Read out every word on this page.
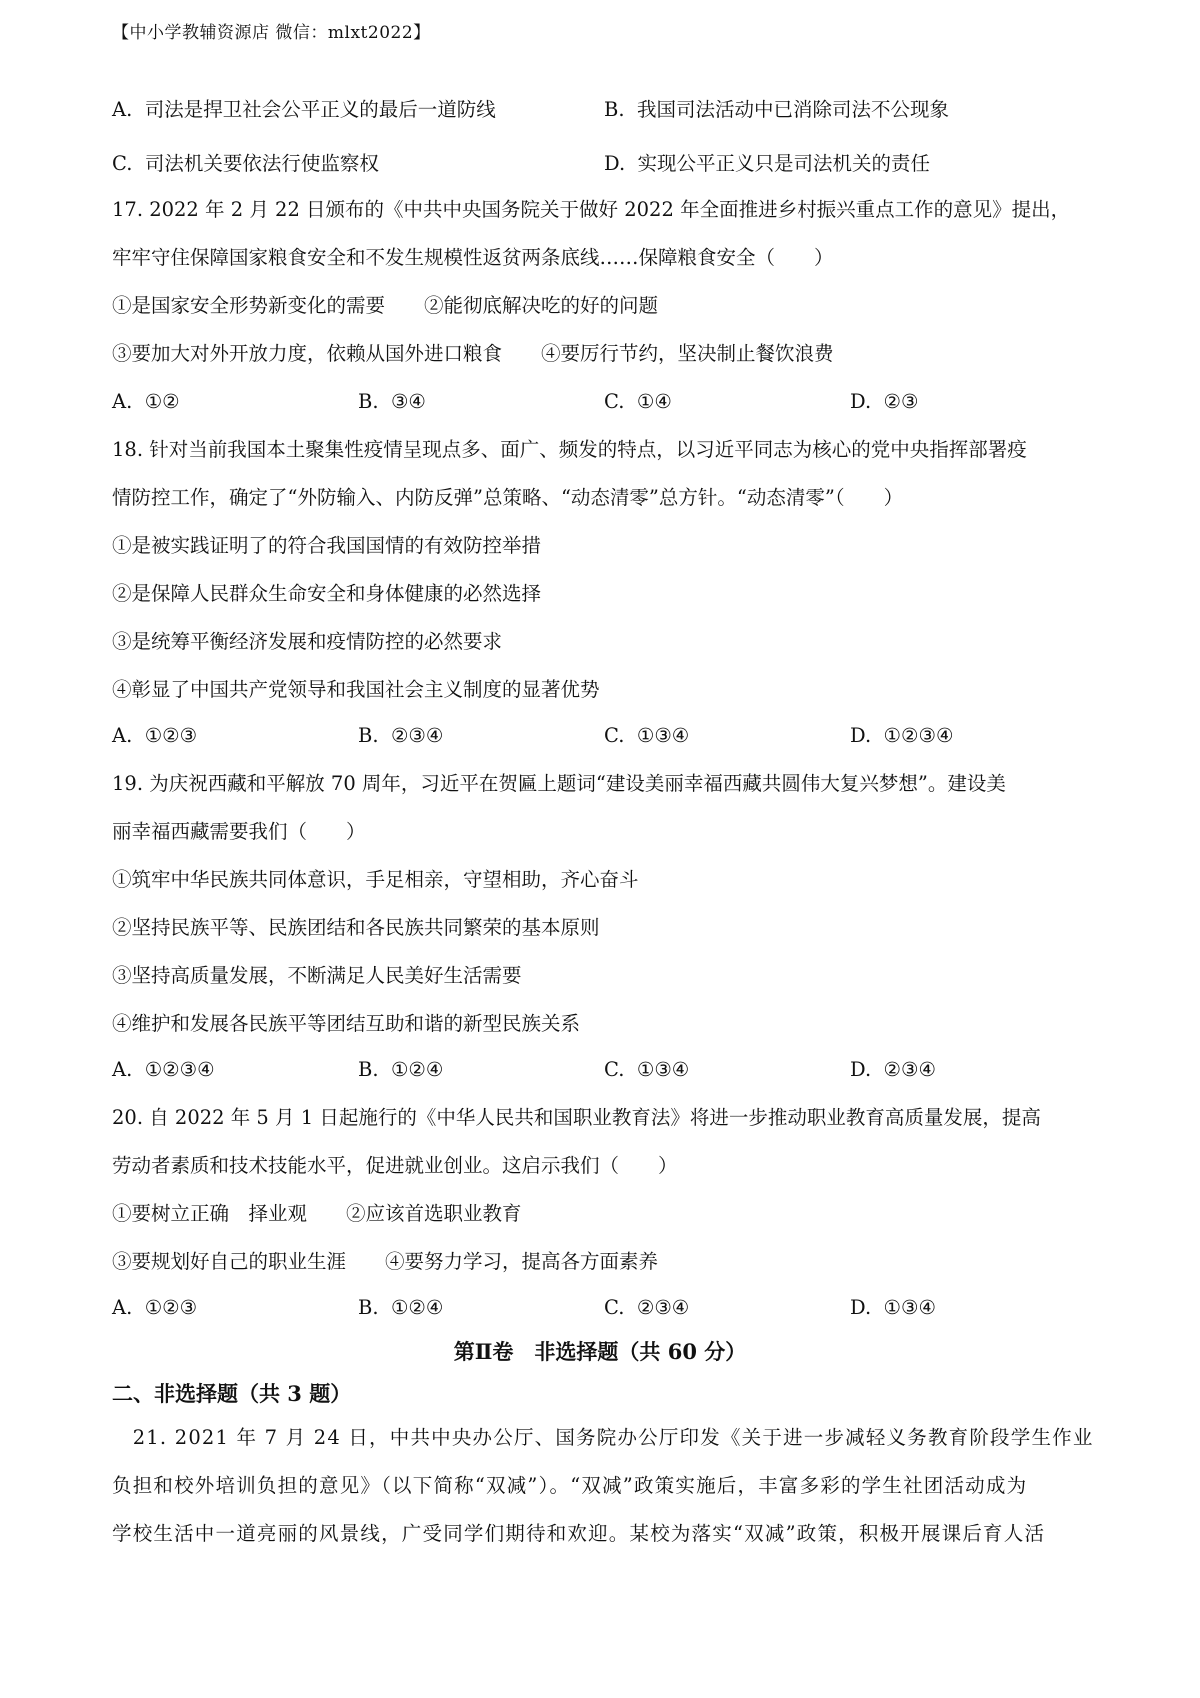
【中小学教辅资源店 微信：mlxt2022】
A. 司法是捍卫社会公平正义的最后一道防线	B. 我国司法活动中已消除司法不公现象
C. 司法机关要依法行使监察权	D. 实现公平正义只是司法机关的责任
17. 2022 年 2 月 22 日颁布的《中共中央国务院关于做好 2022 年全面推进乡村振兴重点工作的意见》提出，
牢牢守住保障国家粮食安全和不发生规模性返贫两条底线……保障粮食安全（　　）
①是国家安全形势新变化的需要　　②能彻底解决吃的好的问题
③要加大对外开放力度，依赖从国外进口粮食　　④要厉行节约，坚决制止餐饮浪费
A. ①②	B. ③④	C. ①④	D. ②③
18. 针对当前我国本土聚集性疫情呈现点多、面广、频发的特点，以习近平同志为核心的党中央指挥部署疫
情防控工作，确定了“外防输入、内防反弹”总策略、“动态清零”总方针。“动态清零”（　　）
①是被实践证明了的符合我国国情的有效防控举措
②是保障人民群众生命安全和身体健康的必然选择
③是统筹平衡经济发展和疫情防控的必然要求
④彰显了中国共产党领导和我国社会主义制度的显著优势
A. ①②③	B. ②③④	C. ①③④	D. ①②③④
19. 为庆祝西藏和平解放 70 周年，习近平在贺匾上题词“建设美丽幸福西藏共圆伟大复兴梦想”。建设美
丽幸福西藏需要我们（　　）
①筑牢中华民族共同体意识，手足相亲，守望相助，齐心奋斗
②坚持民族平等、民族团结和各民族共同繁荣的基本原则
③坚持高质量发展，不断满足人民美好生活需要
④维护和发展各民族平等团结互助和谐的新型民族关系
A. ①②③④	B. ①②④	C. ①③④	D. ②③④
20. 自 2022 年 5 月 1 日起施行的《中华人民共和国职业教育法》将进一步推动职业教育高质量发展，提高
劳动者素质和技术技能水平，促进就业创业。这启示我们（　　）
①要树立正确　择业观　　②应该首选职业教育
③要规划好自己的职业生涯　　④要努力学习，提高各方面素养
A. ①②③	B. ①②④	C. ②③④	D. ①③④
第Ⅱ卷　非选择题（共 60 分）
二、非选择题（共 3 题）
　21. 2021 年 7 月 24 日，中共中央办公厅、国务院办公厅印发《关于进一步减轻义务教育阶段学生作业
负担和校外培训负担的意见》（以下简称“双减”）。“双减”政策实施后，丰富多彩的学生社团活动成为
学校生活中一道亮丽的风景线，广受同学们期待和欢迎。某校为落实“双减”政策，积极开展课后育人活
